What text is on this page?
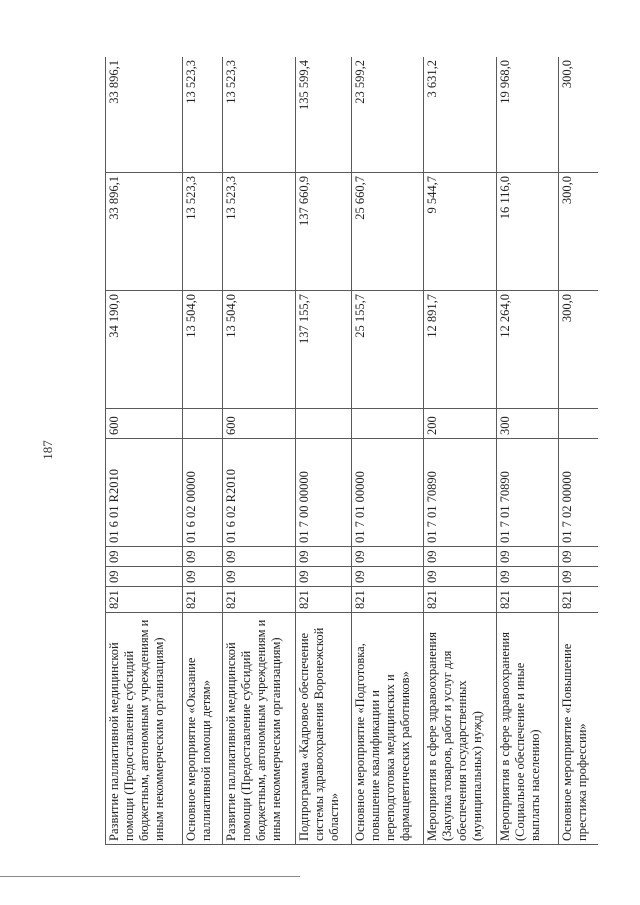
187
Развитие паллиативной медицинской помощи (Предоставление субсидий бюджетным, автономным учреждениям и иным некоммерческим организациям)	821	09	09	01 6 01 R2010	600	34 190,0	33 896,1	33 896,1
Основное мероприятие «Оказание паллиативной помощи детям»	821	09	09	01 6 02 00000		13 504,0	13 523,3	13 523,3
Развитие паллиативной медицинской помощи (Предоставление субсидий бюджетным, автономным учреждениям и иным некоммерческим организациям)	821	09	09	01 6 02 R2010	600	13 504,0	13 523,3	13 523,3
Подпрограмма «Кадровое обеспечение системы здравоохранения Воронежской области»	821	09	09	01 7 00 00000		137 155,7	137 660,9	135 599,4
Основное мероприятие «Подготовка, повышение квалификации и переподготовка медицинских и фармацевтических работников»	821	09	09	01 7 01 00000		25 155,7	25 660,7	23 599,2
Мероприятия в сфере здравоохранения (Закупка товаров, работ и услуг для обеспечения государственных (муниципальных) нужд)	821	09	09	01 7 01 70890	200	12 891,7	9 544,7	3 631,2
Мероприятия в сфере здравоохранения (Социальное обеспечение и иные выплаты населению)	821	09	09	01 7 01 70890	300	12 264,0	16 116,0	19 968,0
Основное мероприятие «Повышение престижа профессии»	821	09	09	01 7 02 00000		300,0	300,0	300,0
